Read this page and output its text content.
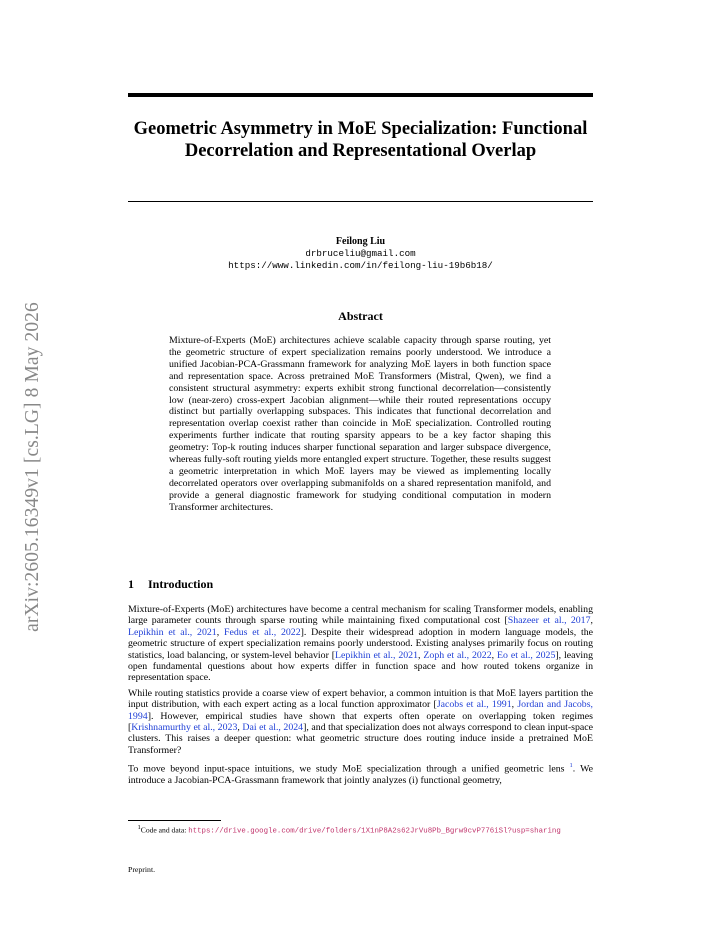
arXiv:2605.16349v1 [cs.LG] 8 May 2026
Geometric Asymmetry in MoE Specialization: Functional Decorrelation and Representational Overlap
Feilong Liu
drbruceliu@gmail.com
https://www.linkedin.com/in/feilong-liu-19b6b18/
Abstract
Mixture-of-Experts (MoE) architectures achieve scalable capacity through sparse routing, yet the geometric structure of expert specialization remains poorly understood. We introduce a unified Jacobian-PCA-Grassmann framework for analyzing MoE layers in both function space and representation space. Across pretrained MoE Transformers (Mistral, Qwen), we find a consistent structural asymmetry: experts exhibit strong functional decorrelation—consistently low (near-zero) cross-expert Jacobian alignment—while their routed representations occupy distinct but partially overlapping subspaces. This indicates that functional decorrelation and representation overlap coexist rather than coincide in MoE specialization. Controlled routing experiments further indicate that routing sparsity appears to be a key factor shaping this geometry: Top-k routing induces sharper functional separation and larger subspace divergence, whereas fully-soft routing yields more entangled expert structure. Together, these results suggest a geometric interpretation in which MoE layers may be viewed as implementing locally decorrelated operators over overlapping submanifolds on a shared representation manifold, and provide a general diagnostic framework for studying conditional computation in modern Transformer architectures.
1 Introduction

Mixture-of-Experts (MoE) architectures have become a central mechanism for scaling Transformer models, enabling large parameter counts through sparse routing while maintaining fixed computational cost [Shazeer et al., 2017, Lepikhin et al., 2021, Fedus et al., 2022]. Despite their widespread adoption in modern language models, the geometric structure of expert specialization remains poorly understood. Existing analyses primarily focus on routing statistics, load balancing, or system-level behavior [Lepikhin et al., 2021, Zoph et al., 2022, Eo et al., 2025], leaving open fundamental questions about how experts differ in function space and how routed tokens organize in representation space.

While routing statistics provide a coarse view of expert behavior, a common intuition is that MoE layers partition the input distribution, with each expert acting as a local function approximator [Jacobs et al., 1991, Jordan and Jacobs, 1994]. However, empirical studies have shown that experts often operate on overlapping token regimes [Krishnamurthy et al., 2023, Dai et al., 2024], and that specialization does not always correspond to clean input-space clusters. This raises a deeper question: what geometric structure does routing induce inside a pretrained MoE Transformer?

To move beyond input-space intuitions, we study MoE specialization through a unified geometric lens $^1$. We introduce a Jacobian-PCA-Grassmann framework that jointly analyzes (i) functional geometry,

$^1$Code and data: https://drive.google.com/drive/folders/1X1nP8A2s62JrVu8Pb_Bgrw9cvP776iSl?usp=sharing
Preprint.
